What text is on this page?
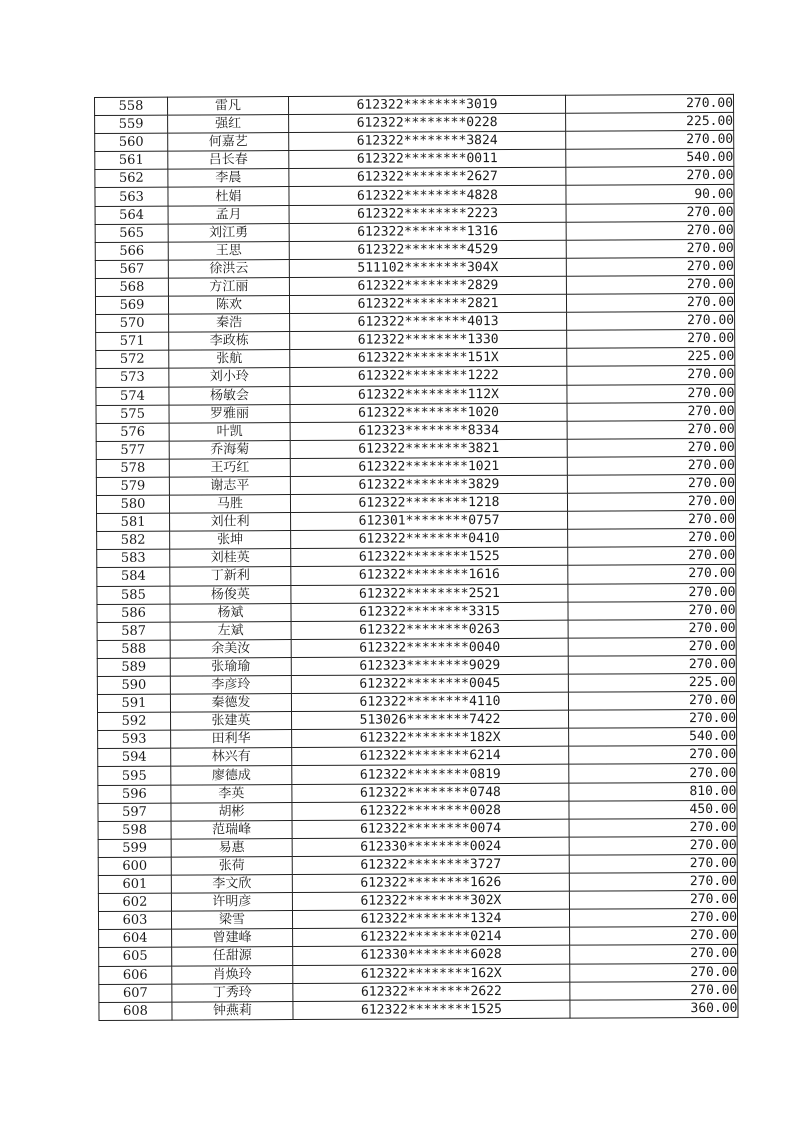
558	雷凡	612322********3019	270.00
559	强红	612322********0228	225.00
560	何嘉艺	612322********3824	270.00
561	吕长春	612322********0011	540.00
562	李晨	612322********2627	270.00
563	杜娟	612322********4828	90.00
564	孟月	612322********2223	270.00
565	刘江勇	612322********1316	270.00
566	王思	612322********4529	270.00
567	徐洪云	511102********304X	270.00
568	方江丽	612322********2829	270.00
569	陈欢	612322********2821	270.00
570	秦浩	612322********4013	270.00
571	李政栋	612322********1330	270.00
572	张航	612322********151X	225.00
573	刘小玲	612322********1222	270.00
574	杨敏会	612322********112X	270.00
575	罗雅丽	612322********1020	270.00
576	叶凯	612323********8334	270.00
577	乔海菊	612322********3821	270.00
578	王巧红	612322********1021	270.00
579	谢志平	612322********3829	270.00
580	马胜	612322********1218	270.00
581	刘仕利	612301********0757	270.00
582	张坤	612322********0410	270.00
583	刘桂英	612322********1525	270.00
584	丁新利	612322********1616	270.00
585	杨俊英	612322********2521	270.00
586	杨斌	612322********3315	270.00
587	左斌	612322********0263	270.00
588	余美汝	612322********0040	270.00
589	张瑜瑜	612323********9029	270.00
590	李彦玲	612322********0045	225.00
591	秦德发	612322********4110	270.00
592	张建英	513026********7422	270.00
593	田利华	612322********182X	540.00
594	林兴有	612322********6214	270.00
595	廖德成	612322********0819	270.00
596	李英	612322********0748	810.00
597	胡彬	612322********0028	450.00
598	范瑞峰	612322********0074	270.00
599	易惠	612330********0024	270.00
600	张荷	612322********3727	270.00
601	李文欣	612322********1626	270.00
602	许明彦	612322********302X	270.00
603	梁雪	612322********1324	270.00
604	曾建峰	612322********0214	270.00
605	任甜源	612330********6028	270.00
606	肖焕玲	612322********162X	270.00
607	丁秀玲	612322********2622	270.00
608	钟燕莉	612322********1525	360.00
